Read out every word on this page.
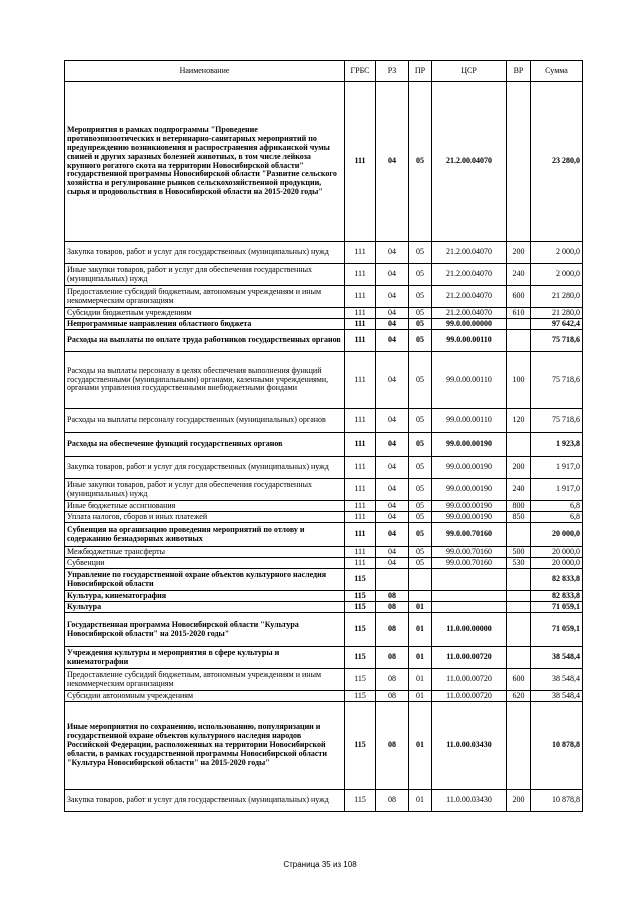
Наименование	ГРБС	РЗ	ПР	ЦСР	ВР	Сумма
Мероприятия в рамках подпрограммы "Проведение противоэпизоотических и ветеринарно-санитарных мероприятий по предупреждению возникновения и распространения африканской чумы свиней и других заразных болезней животных, в том числе лейкоза крупного рогатого скота на территории Новосибирской области" государственной программы Новосибирской области "Развитие сельского хозяйства и регулирование рынков сельскохозяйственной продукции, сырья и продовольствия в Новосибирской области на 2015-2020 годы"	111	04	05	21.2.00.04070		23 280,0
Закупка товаров, работ и услуг для государственных (муниципальных) нужд	111	04	05	21.2.00.04070	200	2 000,0
Иные закупки товаров, работ и услуг для обеспечения государственных (муниципальных) нужд	111	04	05	21.2.00.04070	240	2 000,0
Предоставление субсидий бюджетным, автономным учреждениям и иным некоммерческим организациям	111	04	05	21.2.00.04070	600	21 280,0
Субсидии бюджетным учреждениям	111	04	05	21.2.00.04070	610	21 280,0
Непрограммные направления областного бюджета	111	04	05	99.0.00.00000		97 642,4
Расходы на выплаты по оплате труда работников государственных органов	111	04	05	99.0.00.00110		75 718,6
Расходы на выплаты персоналу в целях обеспечения выполнения функций государственными (муниципальными) органами, казенными учреждениями, органами управления государственными внебюджетными фондами	111	04	05	99.0.00.00110	100	75 718,6
Расходы на выплаты персоналу государственных (муниципальных) органов	111	04	05	99.0.00.00110	120	75 718,6
Расходы на обеспечение функций государственных органов	111	04	05	99.0.00.00190		1 923,8
Закупка товаров, работ и услуг для государственных (муниципальных) нужд	111	04	05	99.0.00.00190	200	1 917,0
Иные закупки товаров, работ и услуг для обеспечения государственных (муниципальных) нужд	111	04	05	99.0.00.00190	240	1 917,0
Иные бюджетные ассигнования	111	04	05	99.0.00.00190	800	6,8
Уплата налогов, сборов и иных платежей	111	04	05	99.0.00.00190	850	6,8
Субвенция на организацию проведения мероприятий по отлову и содержанию безнадзорных животных	111	04	05	99.0.00.70160		20 000,0
Межбюджетные трансферты	111	04	05	99.0.00.70160	500	20 000,0
Субвенции	111	04	05	99.0.00.70160	530	20 000,0
Управление по государственной охране объектов культурного наследия Новосибирской области	115					82 833,8
Культура, кинематография	115	08				82 833,8
Культура	115	08	01			71 059,1
Государственная программа Новосибирской области "Культура Новосибирской области" на 2015-2020 годы"	115	08	01	11.0.00.00000		71 059,1
Учреждения культуры и мероприятия в сфере культуры и кинематографии	115	08	01	11.0.00.00720		38 548,4
Предоставление субсидий бюджетным, автономным учреждениям и иным некоммерческим организациям	115	08	01	11.0.00.00720	600	38 548,4
Субсидии автономным учреждениям	115	08	01	11.0.00.00720	620	38 548,4
Иные мероприятия по сохранению, использованию, популяризации и государственной охране объектов культурного наследия народов Российской Федерации, расположенных на территории Новосибирской области, в рамках государственной программы Новосибирской области "Культура Новосибирской области" на 2015-2020 годы"	115	08	01	11.0.00.03430		10 878,8
Закупка товаров, работ и услуг для государственных (муниципальных) нужд	115	08	01	11.0.00.03430	200	10 878,8
Страница 35 из 108
